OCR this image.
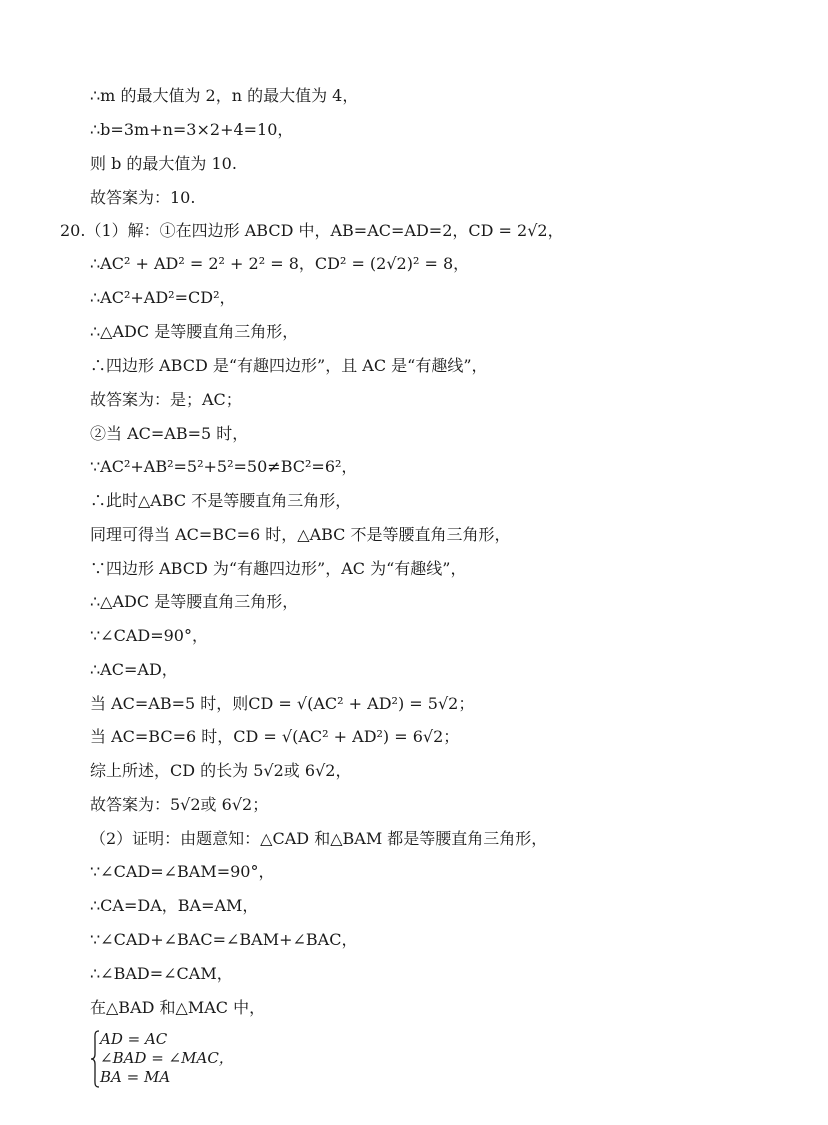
∴m 的最大值为 2，n 的最大值为 4，
∴b=3m+n=3×2+4=10，
则 b 的最大值为 10.
故答案为：10.
20.（1）解：①在四边形 ABCD 中，AB=AC=AD=2，CD = 2√2，
∴AC² + AD² = 2² + 2² = 8，CD² = (2√2)² = 8，
∴AC²+AD²=CD²，
∴△ADC 是等腰直角三角形，
∴四边形 ABCD 是“有趣四边形”，且 AC 是“有趣线”，
故答案为：是；AC；
②当 AC=AB=5 时，
∵AC²+AB²=5²+5²=50≠BC²=6²，
∴此时△ABC 不是等腰直角三角形，
同理可得当 AC=BC=6 时，△ABC 不是等腰直角三角形，
∵四边形 ABCD 为“有趣四边形”，AC 为“有趣线”，
∴△ADC 是等腰直角三角形，
∵∠CAD=90°，
∴AC=AD，
当 AC=AB=5 时，则CD = √(AC² + AD²) = 5√2；
当 AC=BC=6 时，CD = √(AC² + AD²) = 6√2；
综上所述，CD 的长为 5√2或 6√2，
故答案为：5√2或 6√2；
（2）证明：由题意知：△CAD 和△BAM 都是等腰直角三角形，
∵∠CAD=∠BAM=90°，
∴CA=DA，BA=AM，
∵∠CAD+∠BAC=∠BAM+∠BAC，
∴∠BAD=∠CAM，
在△BAD 和△MAC 中，
AD = AC
∠BAD = ∠MAC，
BA = MA
